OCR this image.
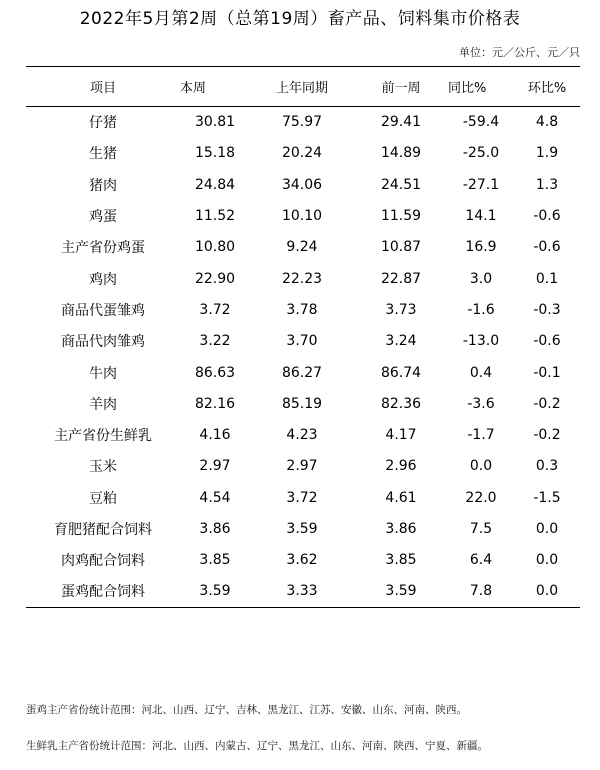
2022年5月第2周（总第19周）畜产品、饲料集市价格表
单位：元／公斤、元／只
项目	本周	上年同期	前一周	同比%	环比%
仔猪	30.81	75.97	29.41	-59.4	4.8
生猪	15.18	20.24	14.89	-25.0	1.9
猪肉	24.84	34.06	24.51	-27.1	1.3
鸡蛋	11.52	10.10	11.59	14.1	-0.6
主产省份鸡蛋	10.80	9.24	10.87	16.9	-0.6
鸡肉	22.90	22.23	22.87	3.0	0.1
商品代蛋雏鸡	3.72	3.78	3.73	-1.6	-0.3
商品代肉雏鸡	3.22	3.70	3.24	-13.0	-0.6
牛肉	86.63	86.27	86.74	0.4	-0.1
羊肉	82.16	85.19	82.36	-3.6	-0.2
主产省份生鲜乳	4.16	4.23	4.17	-1.7	-0.2
玉米	2.97	2.97	2.96	0.0	0.3
豆粕	4.54	3.72	4.61	22.0	-1.5
育肥猪配合饲料	3.86	3.59	3.86	7.5	0.0
肉鸡配合饲料	3.85	3.62	3.85	6.4	0.0
蛋鸡配合饲料	3.59	3.33	3.59	7.8	0.0
蛋鸡主产省份统计范围：河北、山西、辽宁、吉林、黑龙江、江苏、安徽、山东、河南、陕西。
生鲜乳主产省份统计范围：河北、山西、内蒙古、辽宁、黑龙江、山东、河南、陕西、宁夏、新疆。
